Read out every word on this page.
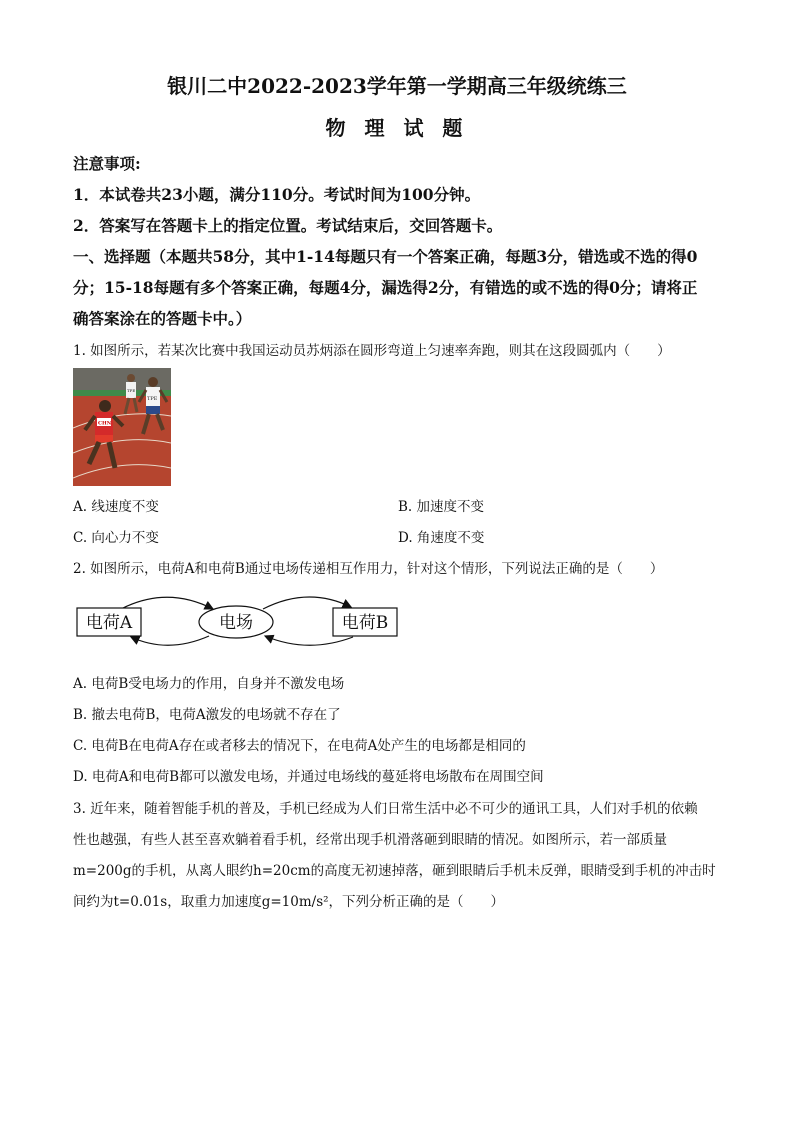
银川二中2022-2023学年第一学期高三年级统练三
物 理 试 题
注意事项:
1．本试卷共23小题，满分110分。考试时间为100分钟。
2．答案写在答题卡上的指定位置。考试结束后，交回答题卡。
一、选择题（本题共58分，其中1-14每题只有一个答案正确，每题3分，错选或不选的得0
分；15-18每题有多个答案正确，每题4分，漏选得2分，有错选的或不选的得0分；请将正
确答案涂在的答题卡中。）
1. 如图所示，若某次比赛中我国运动员苏炳添在圆形弯道上匀速率奔跑，则其在这段圆弧内（　　）
TPE
TPE
CHN
A. 线速度不变	B. 加速度不变
C. 向心力不变	D. 角速度不变
2. 如图所示，电荷A和电荷B通过电场传递相互作用力，针对这个情形，下列说法正确的是（　　）
电荷A	电场	电荷B
A. 电荷B受电场力的作用，自身并不激发电场
B. 撤去电荷B，电荷A激发的电场就不存在了
C. 电荷B在电荷A存在或者移去的情况下，在电荷A处产生的电场都是相同的
D. 电荷A和电荷B都可以激发电场，并通过电场线的蔓延将电场散布在周围空间
3. 近年来，随着智能手机的普及，手机已经成为人们日常生活中必不可少的通讯工具，人们对手机的依赖
性也越强，有些人甚至喜欢躺着看手机，经常出现手机滑落砸到眼睛的情况。如图所示，若一部质量
m=200g的手机，从离人眼约h=20cm的高度无初速掉落，砸到眼睛后手机未反弹，眼睛受到手机的冲击时
间约为t=0.01s，取重力加速度g=10m/s²，下列分析正确的是（　　）
